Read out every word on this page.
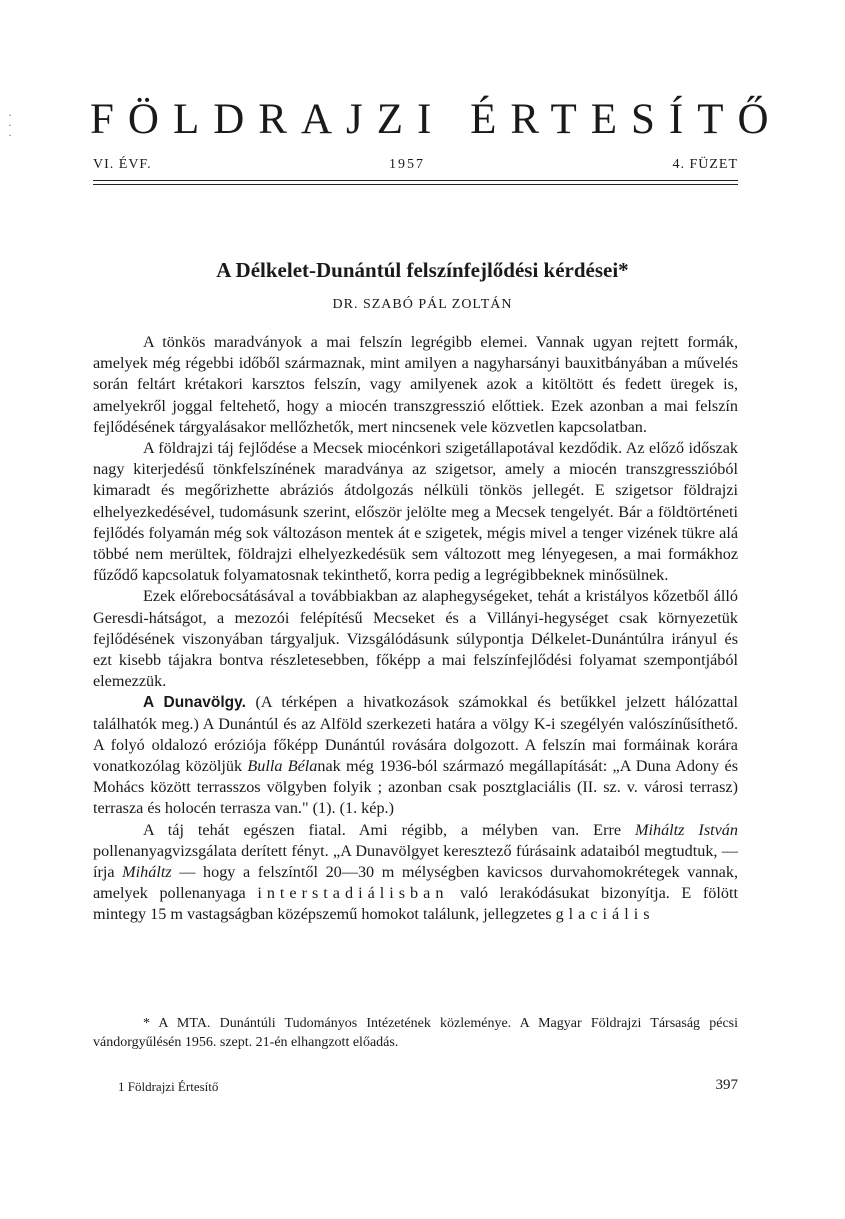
·
·
· FÖLDRAJZI ÉRTESÍTŐ
VI. ÉVF.	1957	4. FÜZET
A Délkelet-Dunántúl felszínfejlődési kérdései*
DR. SZABÓ PÁL ZOLTÁN

A tönkös maradványok a mai felszín legrégibb elemei. Vannak ugyan rejtett formák, amelyek még régebbi időből származnak, mint amilyen a nagyharsányi bauxitbányában a művelés során feltárt krétakori karsztos felszín, vagy amilyenek azok a kitöltött és fedett üregek is, amelyekről joggal feltehető, hogy a miocén transzgresszió előttiek. Ezek azonban a mai felszín fejlődésének tárgyalásakor mellőzhetők, mert nincsenek vele közvetlen kapcsolatban.

A földrajzi táj fejlődése a Mecsek miocénkori szigetállapotával kezdődik. Az előző időszak nagy kiterjedésű tönkfelszínének maradványa az szigetsor, amely a miocén transzgresszióból kimaradt és megőrizhette abráziós átdolgozás nélküli tönkös jellegét. E szigetsor földrajzi elhelyezkedésével, tudomásunk szerint, először jelölte meg a Mecsek tengelyét. Bár a földtörténeti fejlődés folyamán még sok változáson mentek át e szigetek, mégis mivel a tenger vizének tükre alá többé nem merültek, földrajzi elhelyezkedésük sem változott meg lényegesen, a mai formákhoz fűződő kapcsolatuk folyamatosnak tekinthető, korra pedig a legrégibbeknek minősülnek.

Ezek előrebocsátásával a továbbiakban az alaphegységeket, tehát a kristályos kőzetből álló Geresdi-hátságot, a mezozói felépítésű Mecseket és a Villányi-hegységet csak környezetük fejlődésének viszonyában tárgyaljuk. Vizsgálódásunk súlypontja Délkelet-Dunántúlra irányul és ezt kisebb tájakra bontva részletesebben, főképp a mai felszínfejlődési folyamat szempontjából elemezzük.

A Dunavölgy. (A térképen a hivatkozások számokkal és betűkkel jelzett hálózattal találhatók meg.) A Dunántúl és az Alföld szerkezeti határa a völgy K-i szegélyén valószínűsíthető. A folyó oldalozó eróziója főképp Dunántúl rovására dolgozott. A felszín mai formáinak korára vonatkozólag közöljük Bulla Bélanak még 1936-ból származó megállapítását: „A Duna Adony és Mohács között terrasszos völgyben folyik ; azonban csak posztglaciális (II. sz. v. városi terrasz) terrasza és holocén terrasza van." (1). (1. kép.)

A táj tehát egészen fiatal. Ami régibb, a mélyben van. Erre Miháltz István pollenanyagvizsgálata derített fényt. „A Dunavölgyet keresztező fúrásaink adataiból megtudtuk, — írja Miháltz — hogy a felszíntől 20—30 m mélységben kavicsos durvahomokrétegek vannak, amelyek pollenanyaga interstadiálisban való lerakódásukat bizonyítja. E fölött mintegy 15 m vastagságban középszemű homokot találunk, jellegzetes glaciális

* A MTA. Dunántúli Tudományos Intézetének közleménye. A Magyar Földrajzi Társaság pécsi vándorgyűlésén 1956. szept. 21-én elhangzott előadás.

1 Földrajzi Értesítő	397
